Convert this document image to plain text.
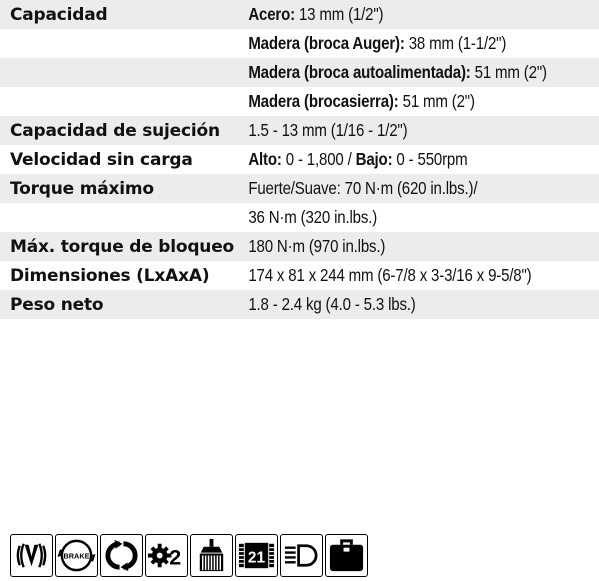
Capacidad	Acero: 13 mm (1/2")
Madera (broca Auger): 38 mm (1-1/2")
Madera (broca autoalimentada): 51 mm (2")
Madera (brocasierra): 51 mm (2")
Capacidad de sujeción	1.5 - 13 mm (1/16 - 1/2")
Velocidad sin carga	Alto: 0 - 1,800 / Bajo: 0 - 550rpm
Torque máximo	Fuerte/Suave: 70 N·m (620 in.lbs.)/
36 N·m (320 in.lbs.)
Máx. torque de bloqueo 180 N·m (970 in.lbs.)
Dimensiones (LxAxA)	174 x 81 x 244 mm (6-7/8 x 3-3/16 x 9-5/8")
Peso neto	1.8 - 2.4 kg (4.0 - 5.3 lbs.)
BRAKE	2	21
